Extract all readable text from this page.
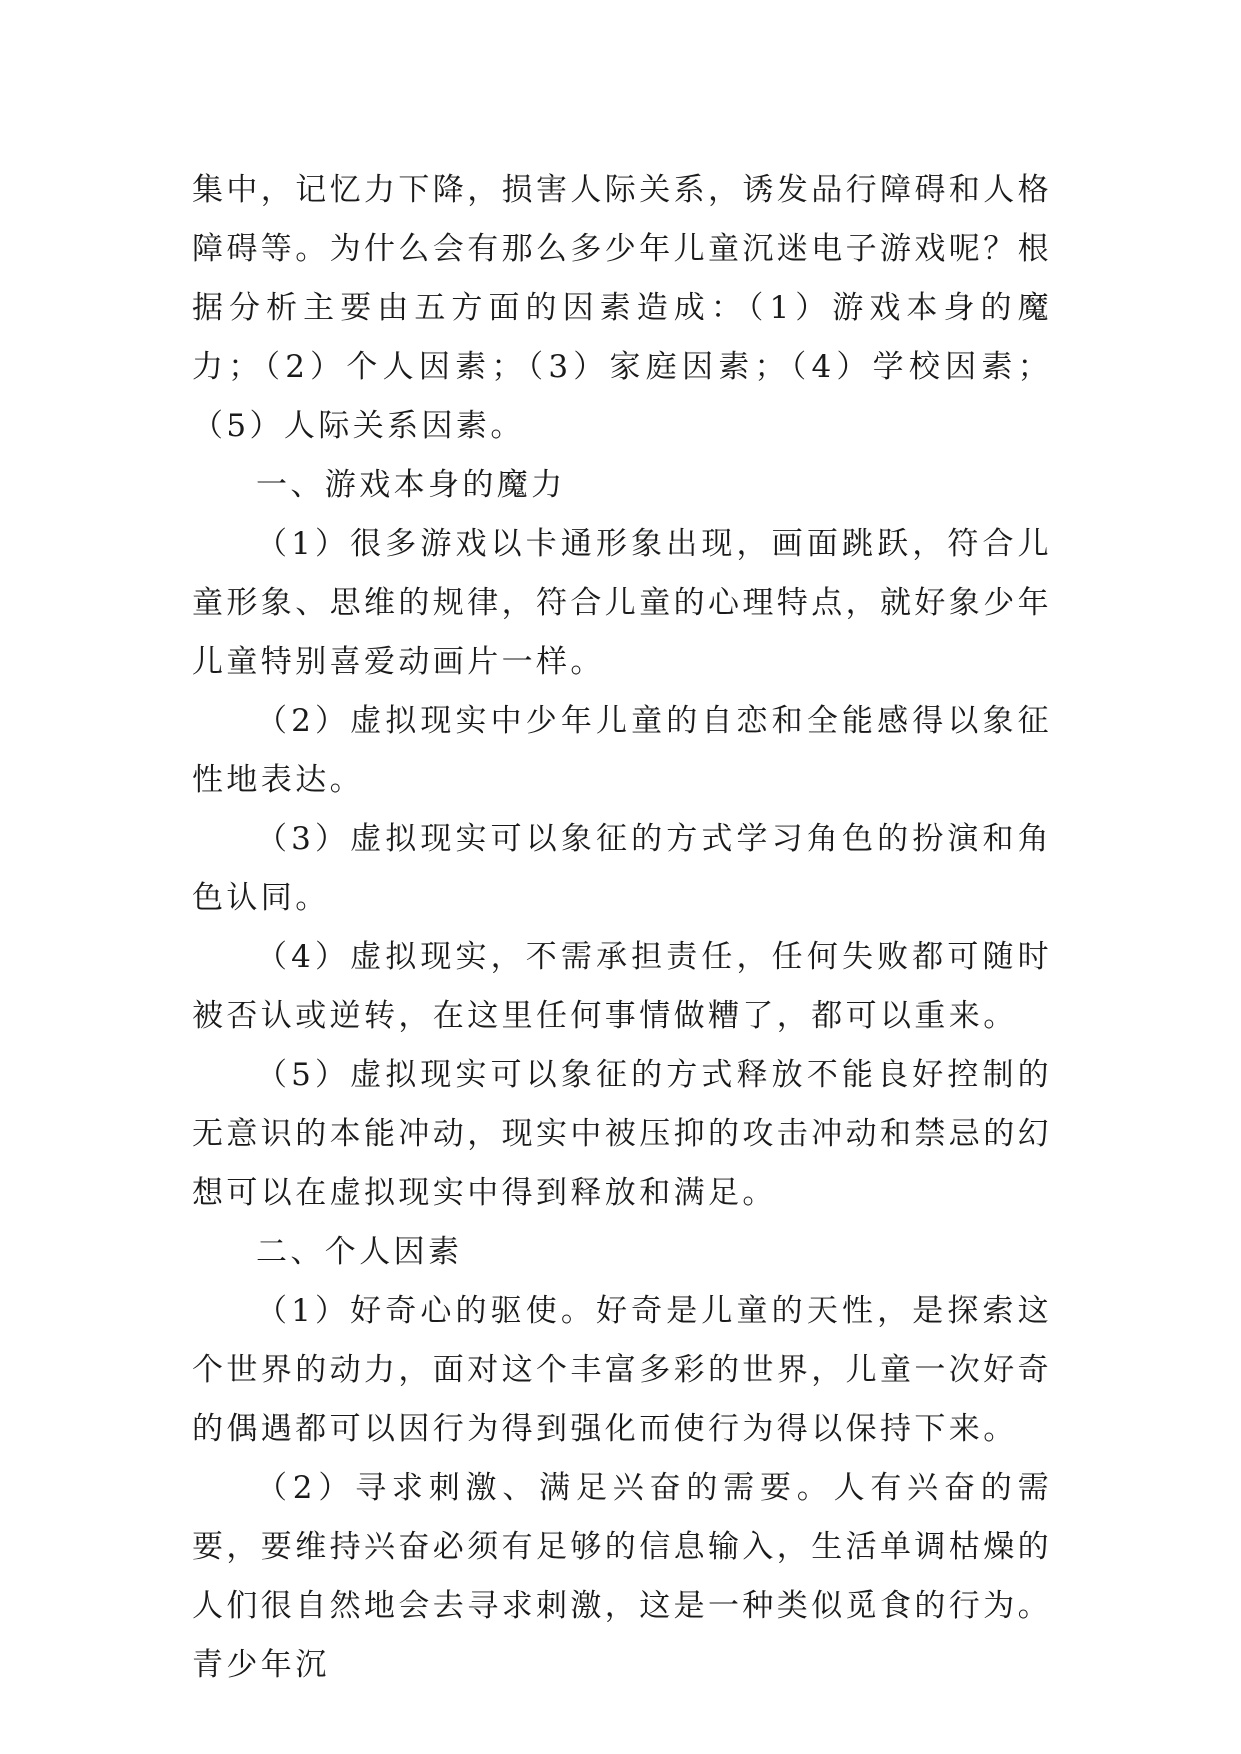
集中，记忆力下降，损害人际关系，诱发品行障碍和人格障碍等。为什么会有那么多少年儿童沉迷电子游戏呢？根据分析主要由五方面的因素造成：（1）游戏本身的魔力；（2）个人因素；（3）家庭因素；（4）学校因素；（5）人际关系因素。

一、游戏本身的魔力

（1）很多游戏以卡通形象出现，画面跳跃，符合儿童形象、思维的规律，符合儿童的心理特点，就好象少年儿童特别喜爱动画片一样。

（2）虚拟现实中少年儿童的自恋和全能感得以象征性地表达。

（3）虚拟现实可以象征的方式学习角色的扮演和角色认同。

（4）虚拟现实，不需承担责任，任何失败都可随时被否认或逆转，在这里任何事情做糟了，都可以重来。

（5）虚拟现实可以象征的方式释放不能良好控制的无意识的本能冲动，现实中被压抑的攻击冲动和禁忌的幻想可以在虚拟现实中得到释放和满足。

二、个人因素

（1）好奇心的驱使。好奇是儿童的天性，是探索这个世界的动力，面对这个丰富多彩的世界，儿童一次好奇的偶遇都可以因行为得到强化而使行为得以保持下来。

（2）寻求刺激、满足兴奋的需要。人有兴奋的需要，要维持兴奋必须有足够的信息输入，生活单调枯燥的人们很自然地会去寻求刺激，这是一种类似觅食的行为。青少年沉
